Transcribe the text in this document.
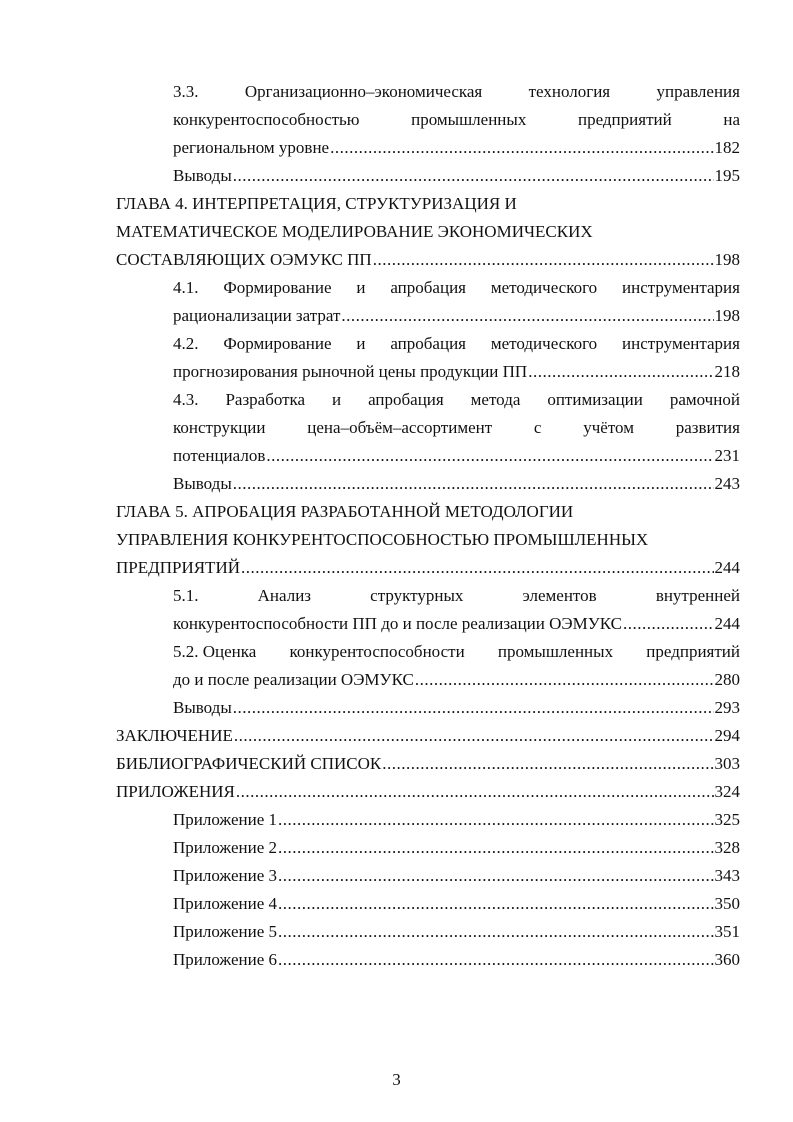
3.3.	Организационно–экономическая	технология	управления
конкурентоспособностью	промышленных	предприятий	на
региональном уровне .....	182
Выводы .....	195
ГЛАВА 4. ИНТЕРПРЕТАЦИЯ, СТРУКТУРИЗАЦИЯ И
МАТЕМАТИЧЕСКОЕ МОДЕЛИРОВАНИЕ ЭКОНОМИЧЕСКИХ
СОСТАВЛЯЮЩИХ ОЭМУКС ПП .....	198
4.1. Формирование и апробация методического инструментария
рационализации затрат .....	198
4.2. Формирование и апробация методического инструментария
прогнозирования рыночной цены продукции ПП .....	218
4.3. Разработка и апробация метода оптимизации рамочной
конструкции цена–объём–ассортимент с учётом развития
потенциалов .....	231
Выводы .....	243
ГЛАВА 5. АПРОБАЦИЯ РАЗРАБОТАННОЙ МЕТОДОЛОГИИ
УПРАВЛЕНИЯ КОНКУРЕНТОСПОСОБНОСТЬЮ ПРОМЫШЛЕННЫХ
ПРЕДПРИЯТИЙ .....	244
5.1.	Анализ	структурных	элементов	внутренней
конкурентоспособности ПП до и после реализации ОЭМУКС .....	244
5.2. Оценка конкурентоспособности промышленных предприятий
до и после реализации ОЭМУКС .....	280
Выводы .....	293
ЗАКЛЮЧЕНИЕ .....	294
БИБЛИОГРАФИЧЕСКИЙ СПИСОК .....	303
ПРИЛОЖЕНИЯ .....	324
Приложение 1 .....	325
Приложение 2 .....	328
Приложение 3 .....	343
Приложение 4 .....	350
Приложение 5 .....	351
Приложение 6 .....	360
3
